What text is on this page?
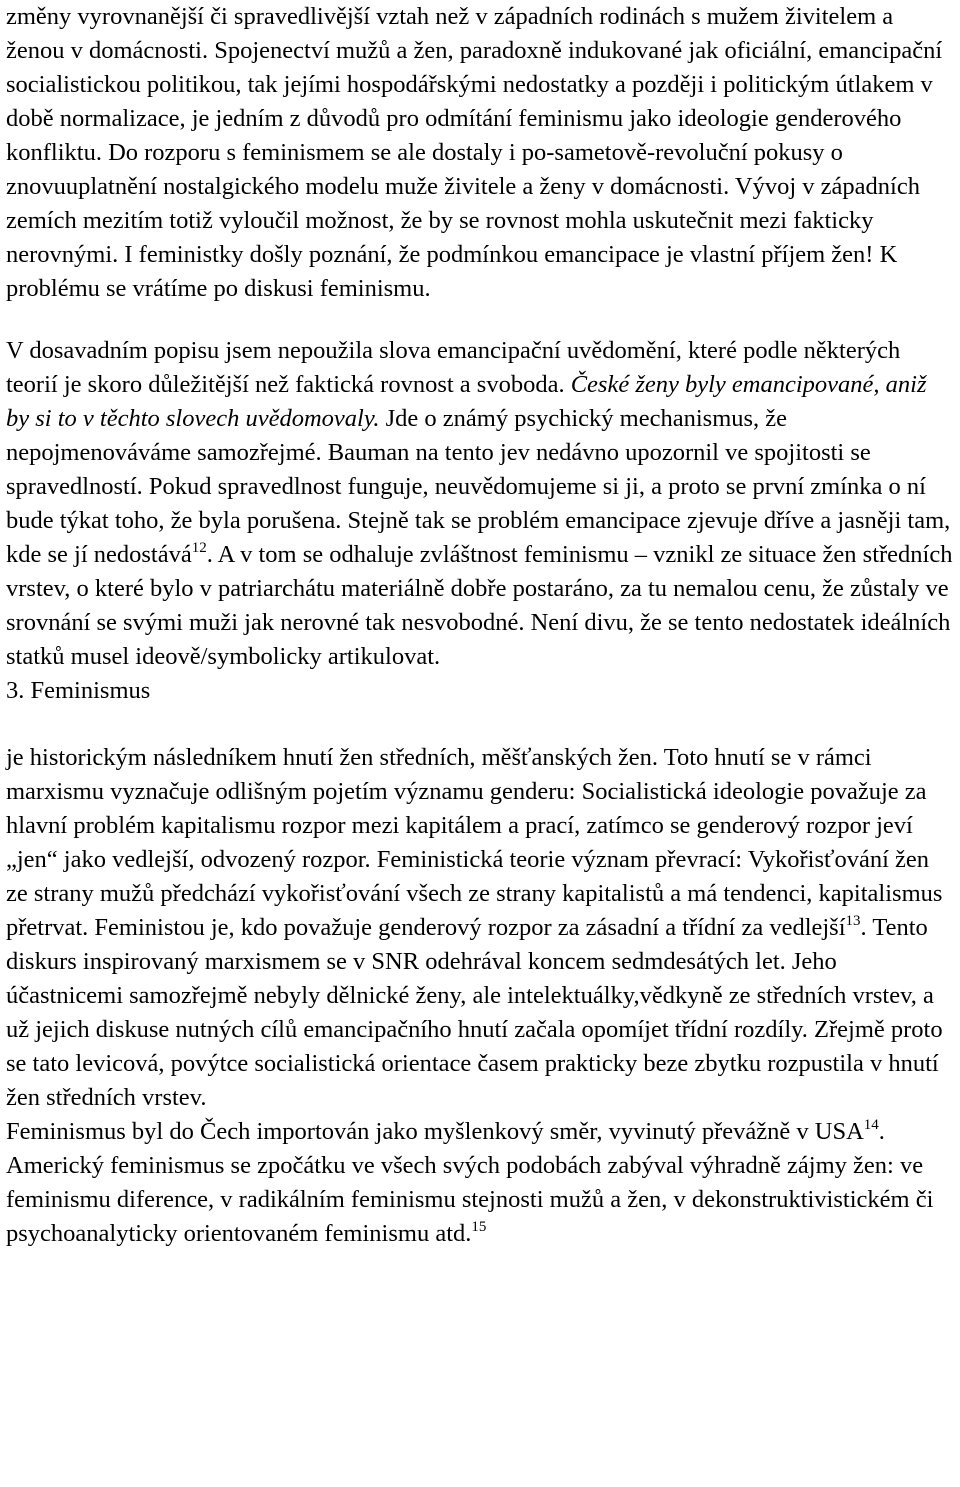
změny vyrovnanější či spravedlivější vztah než v západních rodinách s mužem živitelem a ženou v domácnosti. Spojenectví mužů a žen, paradoxně indukované jak oficiální, emancipační socialistickou politikou, tak jejími hospodářskými nedostatky a později i politickým útlakem v době normalizace, je jedním z důvodů pro odmítání feminismu jako ideologie genderového konfliktu. Do rozporu s feminismem se ale dostaly i po-sametově-revoluční pokusy o znovuuplatnění nostalgického modelu muže živitele a ženy v domácnosti. Vývoj v západních zemích mezitím totiž vyloučil možnost, že by se rovnost mohla uskutečnit mezi fakticky nerovnými. I feministky došly poznání, že podmínkou emancipace je vlastní příjem žen! K problému se vrátíme po diskusi feminismu.

V dosavadním popisu jsem nepoužila slova emancipační uvědomění, které podle některých teorií je skoro důležitější než faktická rovnost a svoboda. České ženy byly emancipované, aniž by si to v těchto slovech uvědomovaly. Jde o známý psychický mechanismus, že nepojmenováváme samozřejmé. Bauman na tento jev nedávno upozornil ve spojitosti se spravedlností. Pokud spravedlnost funguje, neuvědomujeme si ji, a proto se první zmínka o ní bude týkat toho, že byla porušena. Stejně tak se problém emancipace zjevuje dříve a jasněji tam, kde se jí nedostává$^{12}$. A v tom se odhaluje zvláštnost feminismu – vznikl ze situace žen středních vrstev, o které bylo v patriarchátu materiálně dobře postaráno, za tu nemalou cenu, že zůstaly ve srovnání se svými muži jak nerovné tak nesvobodné. Není divu, že se tento nedostatek ideálních statků musel ideově/symbolicky artikulovat.

3. Feminismus

je historickým následníkem hnutí žen středních, měšťanských žen. Toto hnutí se v rámci marxismu vyznačuje odlišným pojetím významu genderu: Socialistická ideologie považuje za hlavní problém kapitalismu rozpor mezi kapitálem a prací, zatímco se genderový rozpor jeví „jen“ jako vedlejší, odvozený rozpor. Feministická teorie význam převrací: Vykořisťování žen ze strany mužů předchází vykořisťování všech ze strany kapitalistů a má tendenci, kapitalismus přetrvat. Feministou je, kdo považuje genderový rozpor za zásadní a třídní za vedlejší$^{13}$. Tento diskurs inspirovaný marxismem se v SNR odehrával koncem sedmdesátých let. Jeho účastnicemi samozřejmě nebyly dělnické ženy, ale intelektuálky,vědkyně ze středních vrstev, a už jejich diskuse nutných cílů emancipačního hnutí začala opomíjet třídní rozdíly. Zřejmě proto se tato levicová, povýtce socialistická orientace časem prakticky beze zbytku rozpustila v hnutí žen středních vrstev.

Feminismus byl do Čech importován jako myšlenkový směr, vyvinutý převážně v USA$^{14}$. Americký feminismus se zpočátku ve všech svých podobách zabýval výhradně zájmy žen: ve feminismu diference, v radikálním feminismu stejnosti mužů a žen, v dekonstruktivistickém či psychoanalyticky orientovaném feminismu atd.$^{15}$
